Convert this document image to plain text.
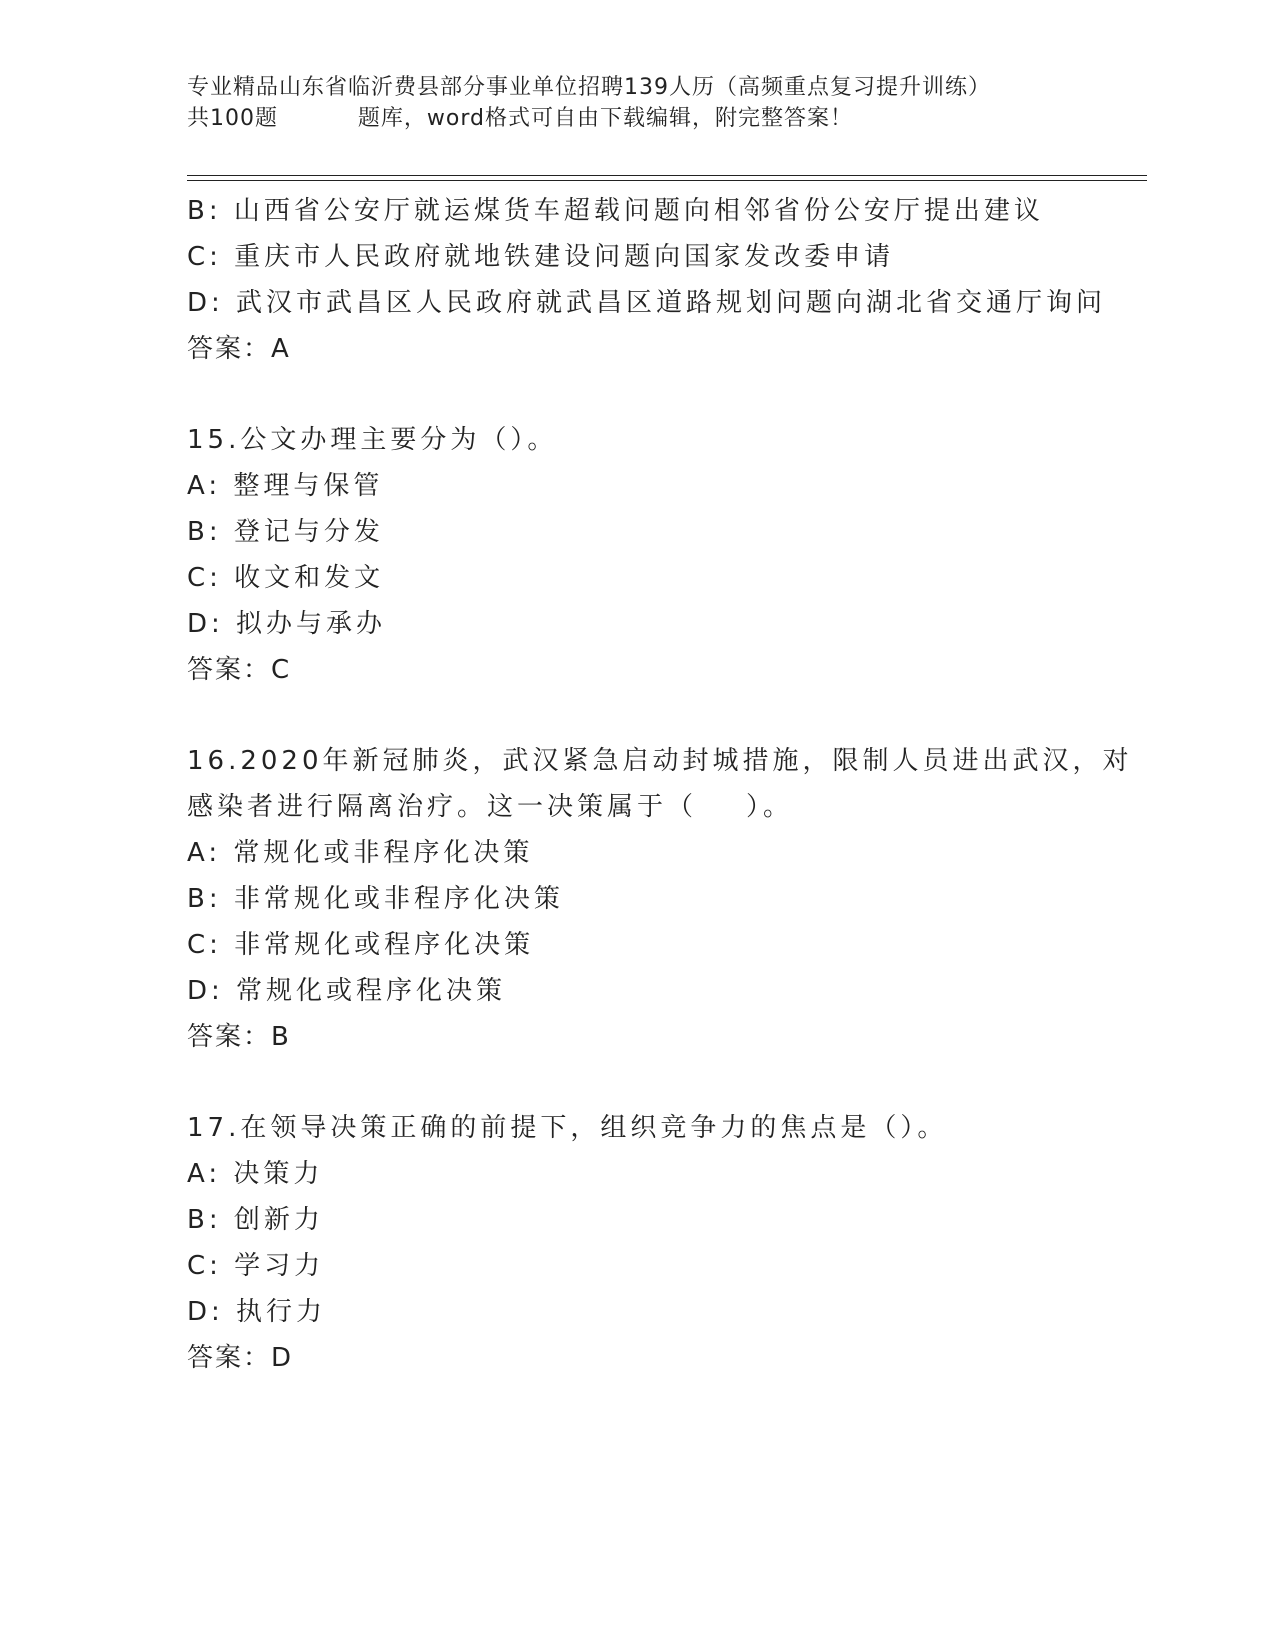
专业精品山东省临沂费县部分事业单位招聘139人历（高频重点复习提升训练）
共100题          题库，word格式可自由下载编辑，附完整答案！
B: 山西省公安厅就运煤货车超载问题向相邻省份公安厅提出建议
C: 重庆市人民政府就地铁建设问题向国家发改委申请
D: 武汉市武昌区人民政府就武昌区道路规划问题向湖北省交通厅询问
答案：A
15.公文办理主要分为（）。
A: 整理与保管
B: 登记与分发
C: 收文和发文
D: 拟办与承办
答案：C
16.2020年新冠肺炎，武汉紧急启动封城措施，限制人员进出武汉，对
感染者进行隔离治疗。这一决策属于（    ）。
A: 常规化或非程序化决策
B: 非常规化或非程序化决策
C: 非常规化或程序化决策
D: 常规化或程序化决策
答案：B
17.在领导决策正确的前提下，组织竞争力的焦点是（）。
A: 决策力
B: 创新力
C: 学习力
D: 执行力
答案：D
